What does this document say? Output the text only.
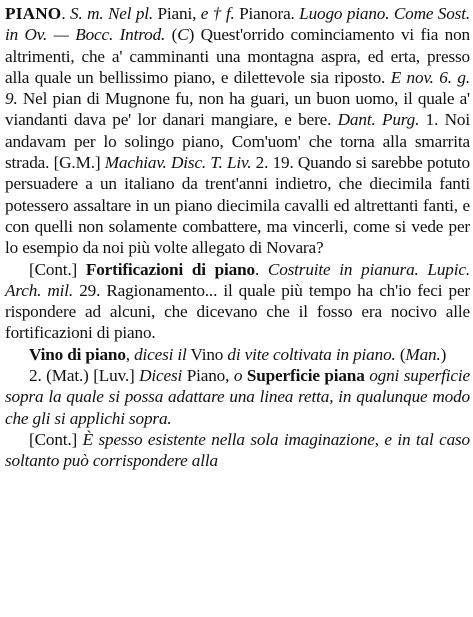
PIANO. S. m. Nel pl. Piani, e † f. Pianora. Luogo piano. Come Sost. in Ov. — Bocc. Introd. (C) Quest'orrido cominciamento vi fia non altrimenti, che a' camminanti una montagna aspra, ed erta, presso alla quale un bellissimo piano, e dilettevole sia riposto. E nov. 6. g. 9. Nel pian di Mugnone fu, non ha guari, un buon uomo, il quale a' viandanti dava pe' lor danari mangiare, e bere. Dant. Purg. 1. Noi andavam per lo solingo piano, Com'uom' che torna alla smarrita strada. [G.M.] Machiav. Disc. T. Liv. 2. 19. Quando si sarebbe potuto persuadere a un italiano da trent'anni indietro, che diecimila fanti potessero assaltare in un piano diecimila cavalli ed altrettanti fanti, e con quelli non solamente combattere, ma vincerli, come si vede per lo esempio da noi più volte allegato di Novara?

[Cont.] Fortificazioni di piano. Costruite in pianura. Lupic. Arch. mil. 29. Ragionamento... il quale più tempo ha ch'io feci per rispondere ad alcuni, che dicevano che il fosso era nocivo alle fortificazioni di piano.

Vino di piano, dicesi il Vino di vite coltivata in piano. (Man.)

2. (Mat.) [Luv.] Dicesi Piano, o Superficie piana ogni superficie sopra la quale si possa adattare una linea retta, in qualunque modo che gli si applichi sopra.

[Cont.] È spesso esistente nella sola imaginazione, e in tal caso soltanto può corrispondere alla
